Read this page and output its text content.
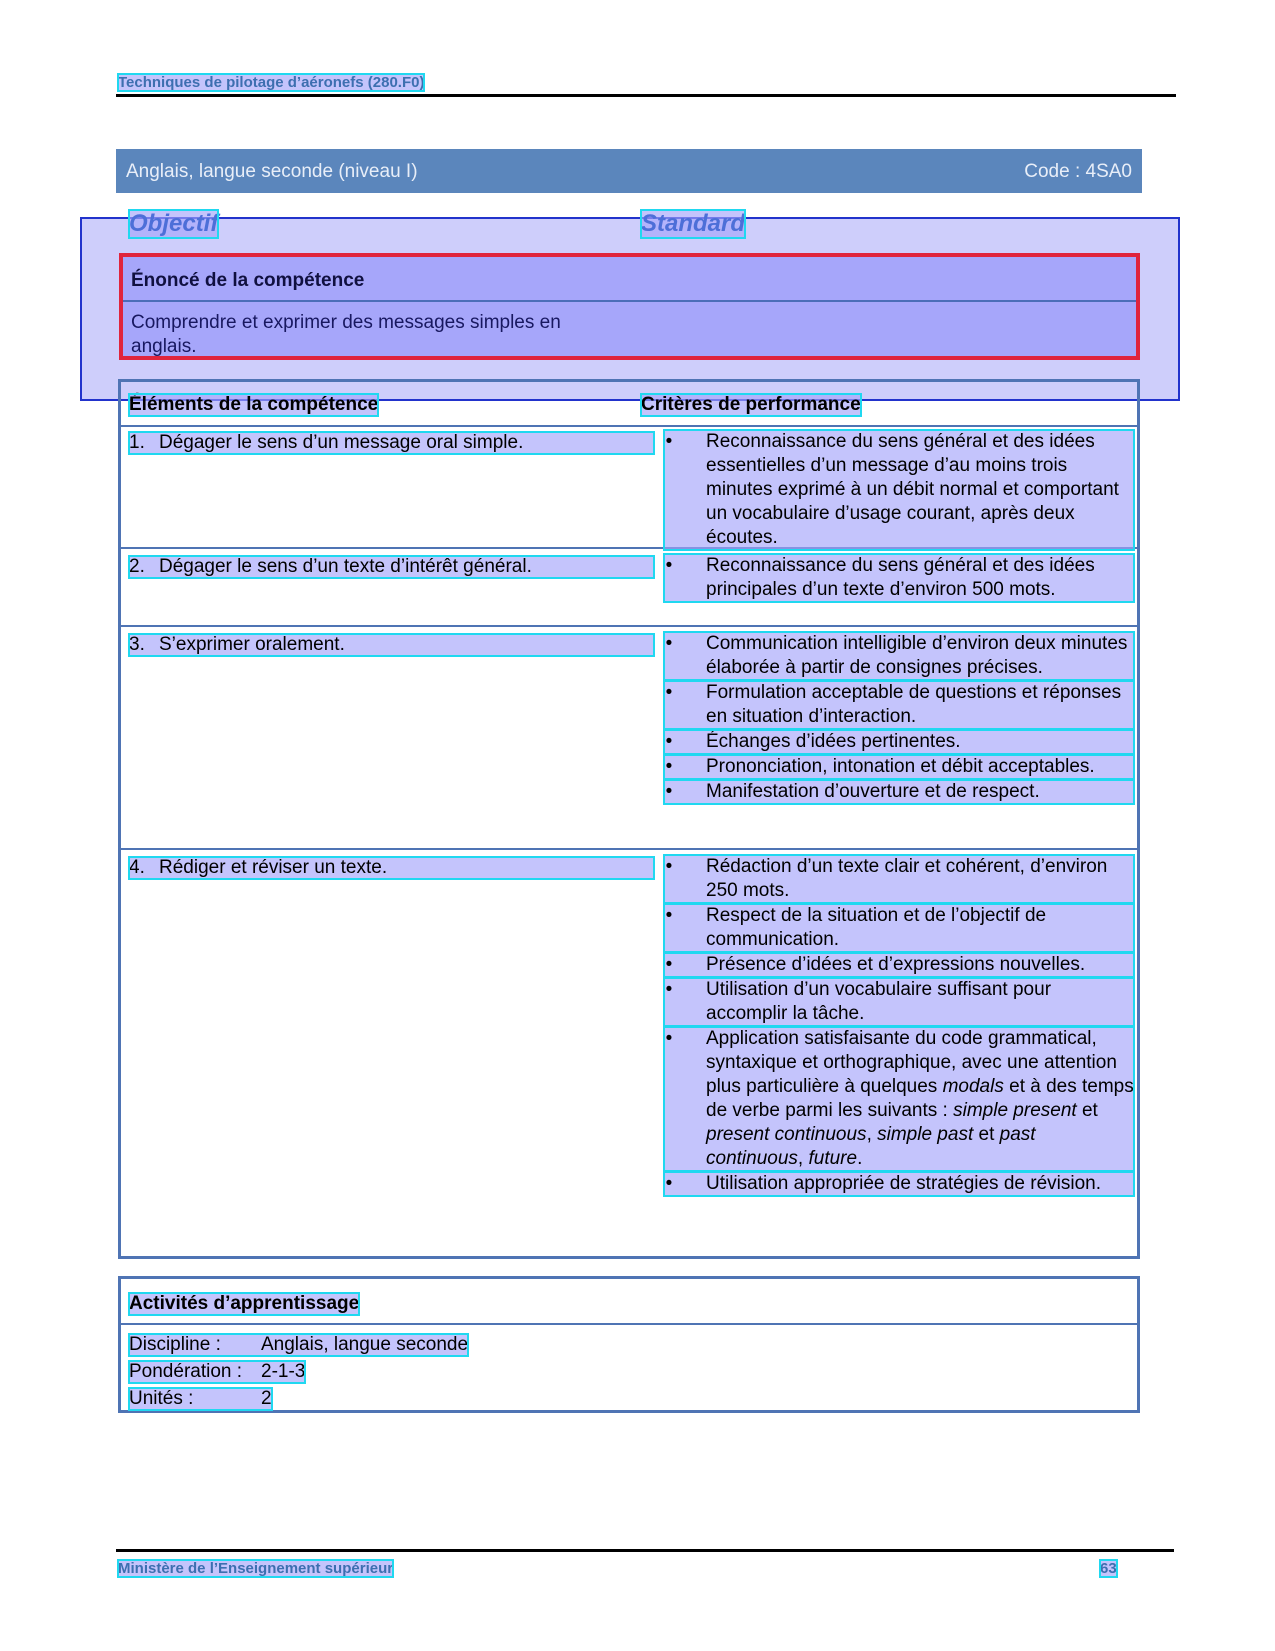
Techniques de pilotage d’aéronefs (280.F0)
Anglais, langue seconde (niveau I)	Code : 4SA0
Objectif	Standard
Énoncé de la compétence
Comprendre et exprimer des messages simples en anglais.
Éléments de la compétence	Critères de performance
1. Dégager le sens d’un message oral simple.	• Reconnaissance du sens général et des idées essentielles d’un message d’au moins trois minutes exprimé à un débit normal et comportant un vocabulaire d’usage courant, après deux écoutes.
2. Dégager le sens d’un texte d’intérêt général.	• Reconnaissance du sens général et des idées principales d’un texte d’environ 500 mots.
3. S’exprimer oralement.	• Communication intelligible d’environ deux minutes élaborée à partir de consignes précises.
• Formulation acceptable de questions et réponses en situation d’interaction.
• Échanges d’idées pertinentes.
• Prononciation, intonation et débit acceptables.
• Manifestation d’ouverture et de respect.
4. Rédiger et réviser un texte.	• Rédaction d’un texte clair et cohérent, d’environ 250 mots.
• Respect de la situation et de l’objectif de communication.
• Présence d’idées et d’expressions nouvelles.
• Utilisation d’un vocabulaire suffisant pour accomplir la tâche.
• Application satisfaisante du code grammatical, syntaxique et orthographique, avec une attention plus particulière à quelques modals et à des temps de verbe parmi les suivants : simple present et present continuous, simple past et past continuous, future.
• Utilisation appropriée de stratégies de révision.
Activités d’apprentissage
Discipline : Anglais, langue seconde
Pondération : 2-1-3
Unités :	2
Ministère de l’Enseignement supérieur	63
